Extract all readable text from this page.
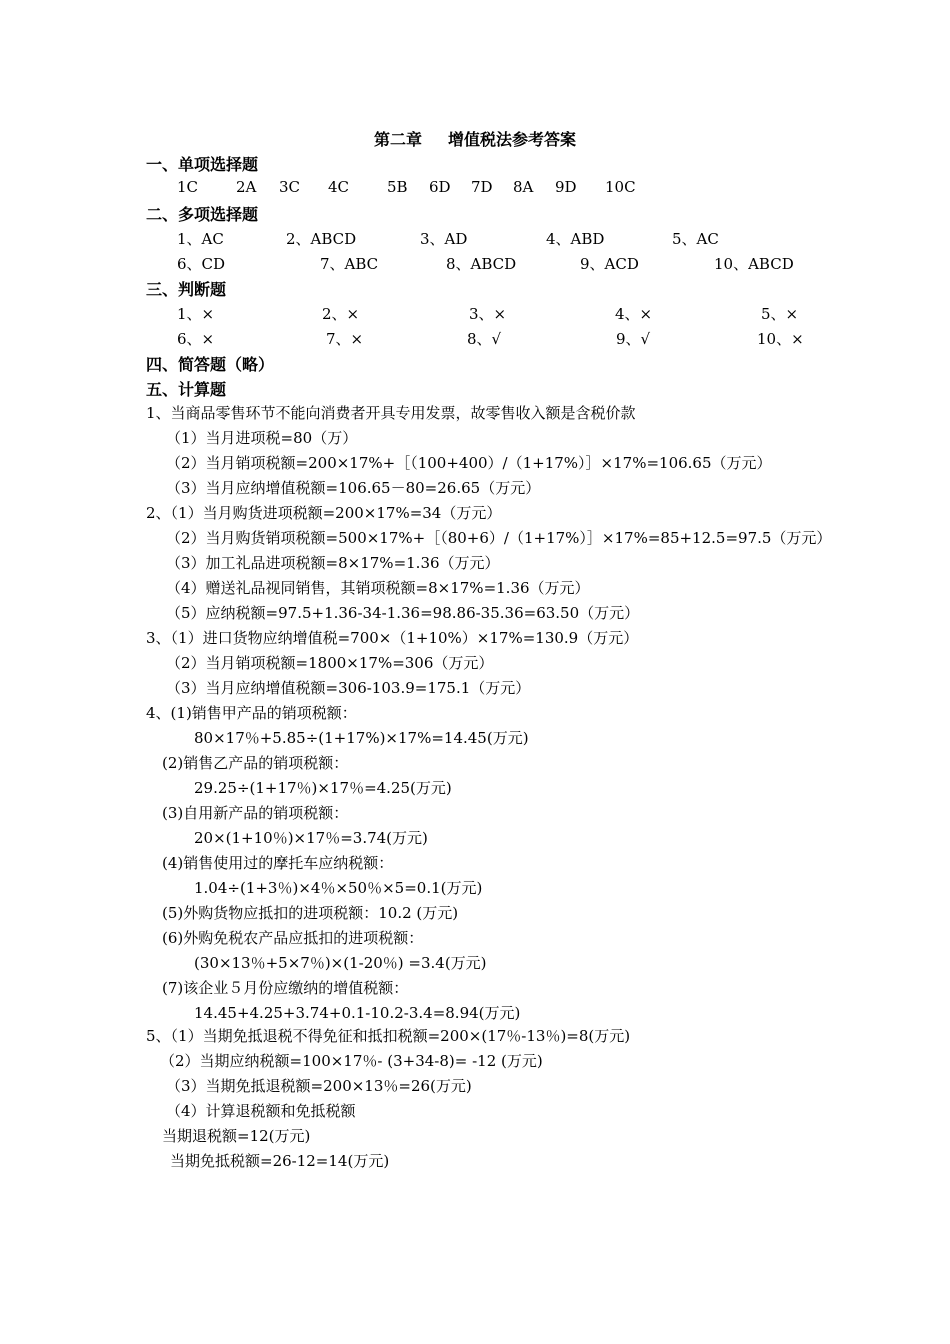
第二章 增值税法参考答案
一、单项选择题
1C	2A 3C 4C	5B 6D 7D 8A 9D 10C
二、多项选择题
1、AC	2、ABCD	3、AD	4、ABD	5、AC
6、CD	7、ABC	8、ABCD	9、ACD	10、ABCD
三、判断题
1、×	2、×	3、×	4、×	5、×
6、×	7、×	8、√	9、√	10、×
四、简答题（略）
五、计算题
1、当商品零售环节不能向消费者开具专用发票，故零售收入额是含税价款
（1）当月进项税=80（万）
（2）当月销项税额=200×17%+［（100+400）/（1+17%）］×17%=106.65（万元）
（3）当月应纳增值税额=106.65－80=26.65（万元）
2、（1）当月购货进项税额=200×17%=34（万元）
（2）当月购货销项税额=500×17%+［（80+6）/（1+17%）］×17%=85+12.5=97.5（万元）
（3）加工礼品进项税额=8×17%=1.36（万元）
（4）赠送礼品视同销售，其销项税额=8×17%=1.36（万元）
（5）应纳税额=97.5+1.36-34-1.36=98.86-35.36=63.50（万元）
3、（1）进口货物应纳增值税=700×（1+10%）×17%=130.9（万元）
（2）当月销项税额=1800×17%=306（万元）
（3）当月应纳增值税额=306-103.9=175.1（万元）
4、(1)销售甲产品的销项税额：
80×17％+5.85÷(1+17%)×17%=14.45(万元)
(2)销售乙产品的销项税额：
29.25÷(1+17％)×17％=4.25(万元)
(3)自用新产品的销项税额：
20×(1+10％)×17％=3.74(万元)
(4)销售使用过的摩托车应纳税额：
1.04÷(1+3％)×4％×50％×5=0.1(万元)
(5)外购货物应抵扣的进项税额：10.2 (万元)
(6)外购免税农产品应抵扣的进项税额：
(30×13％+5×7％)×(1-20％) =3.4(万元)
(7)该企业５月份应缴纳的增值税额：
14.45+4.25+3.74+0.1-10.2-3.4=8.94(万元)
5、（1）当期免抵退税不得免征和抵扣税额=200×(17％-13％)=8(万元)
（2）当期应纳税额=100×17％- (3+34-8)= -12 (万元)
（3）当期免抵退税额=200×13％=26(万元)
（4）计算退税额和免抵税额
当期退税额=12(万元)
当期免抵税额=26-12=14(万元)
